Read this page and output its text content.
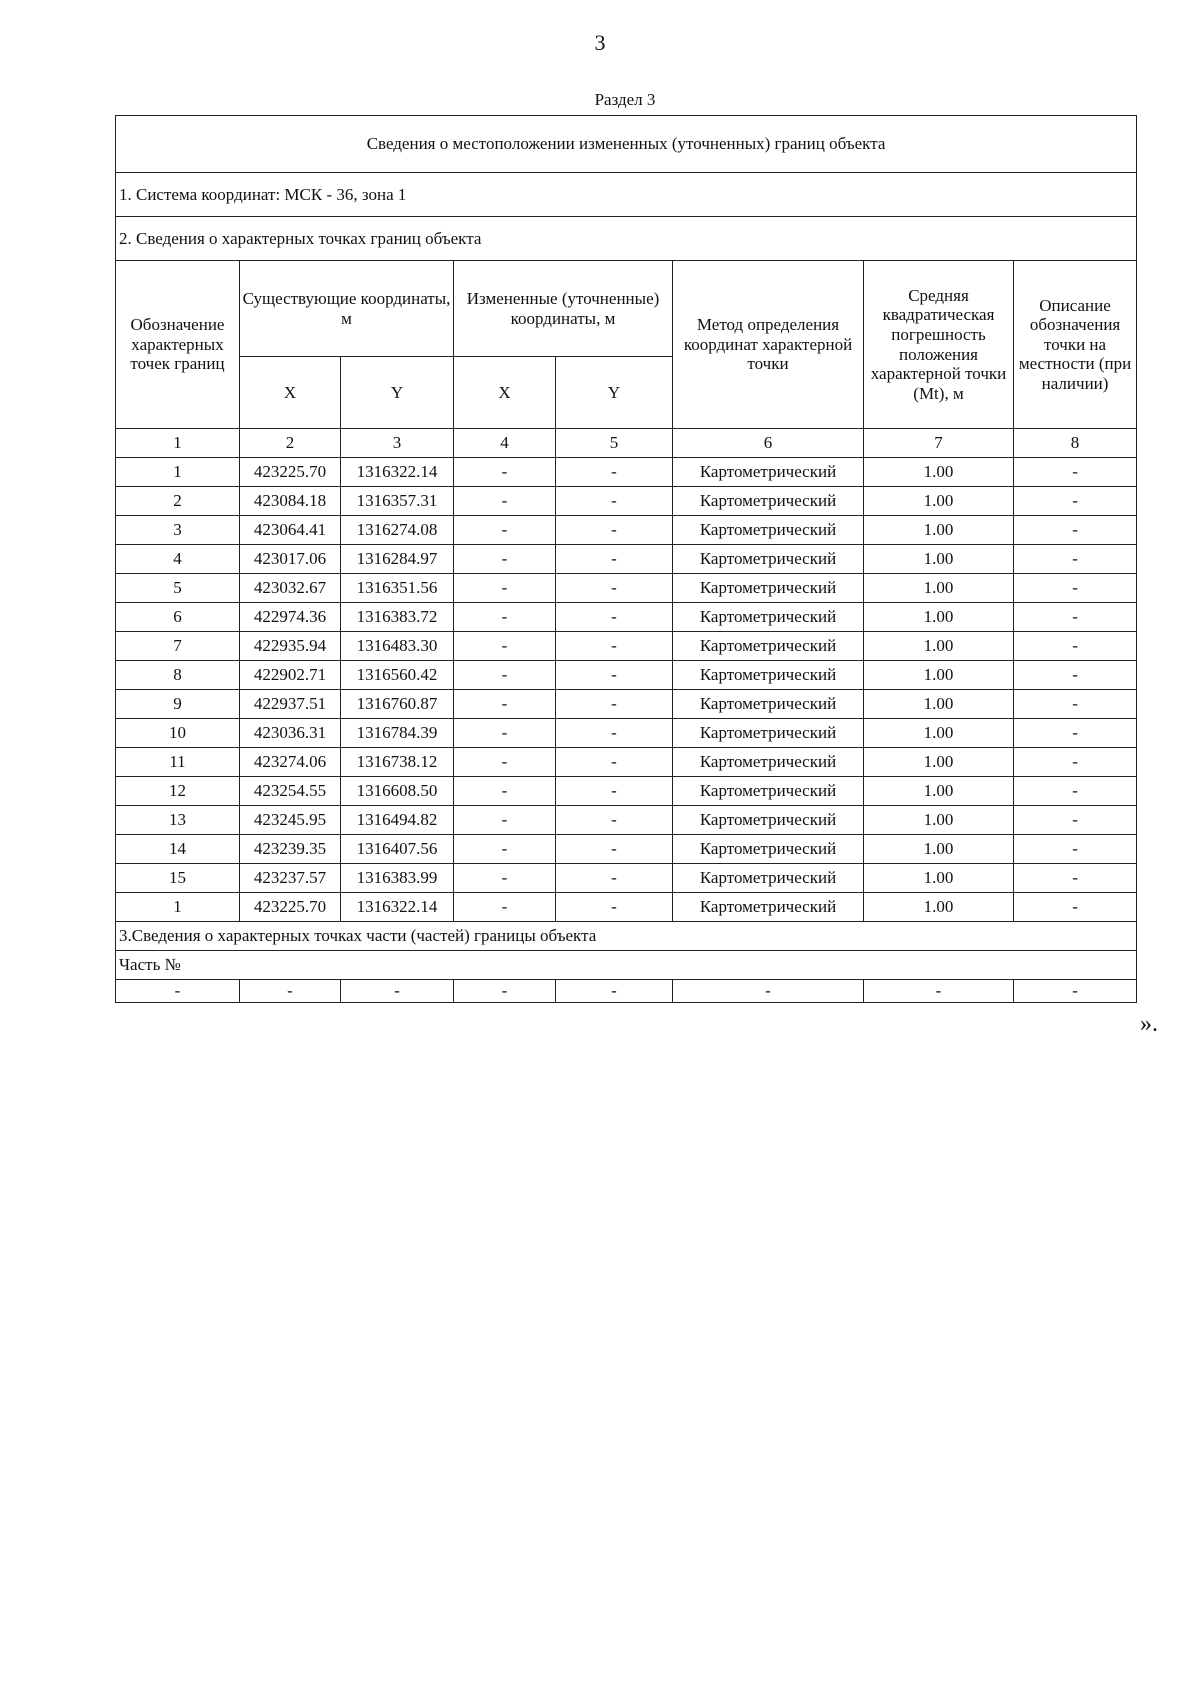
3
Раздел 3
Сведения о местоположении измененных (уточненных) границ объекта							
1. Система координат: МСК - 36, зона 1							
2. Сведения о характерных точках границ объекта							
Обозначение характерных точек границ	Существующие координаты, м		Измененные (уточненные) координаты, м		Метод определения координат характерной точки	Средняя квадратическая погрешность положения характерной точки (Mt), м	Описание обозначения точки на местности (при наличии)
	X	Y	X	Y			
1	2	3	4	5	6	7	8
1	423225.70	1316322.14	-	-	Картометрический	1.00	-
2	423084.18	1316357.31	-	-	Картометрический	1.00	-
3	423064.41	1316274.08	-	-	Картометрический	1.00	-
4	423017.06	1316284.97	-	-	Картометрический	1.00	-
5	423032.67	1316351.56	-	-	Картометрический	1.00	-
6	422974.36	1316383.72	-	-	Картометрический	1.00	-
7	422935.94	1316483.30	-	-	Картометрический	1.00	-
8	422902.71	1316560.42	-	-	Картометрический	1.00	-
9	422937.51	1316760.87	-	-	Картометрический	1.00	-
10	423036.31	1316784.39	-	-	Картометрический	1.00	-
11	423274.06	1316738.12	-	-	Картометрический	1.00	-
12	423254.55	1316608.50	-	-	Картометрический	1.00	-
13	423245.95	1316494.82	-	-	Картометрический	1.00	-
14	423239.35	1316407.56	-	-	Картометрический	1.00	-
15	423237.57	1316383.99	-	-	Картометрический	1.00	-
1	423225.70	1316322.14	-	-	Картометрический	1.00	-
3.Сведения о характерных точках части (частей) границы объекта							
Часть №							
-	-	-	-	-	-	-	-
».
